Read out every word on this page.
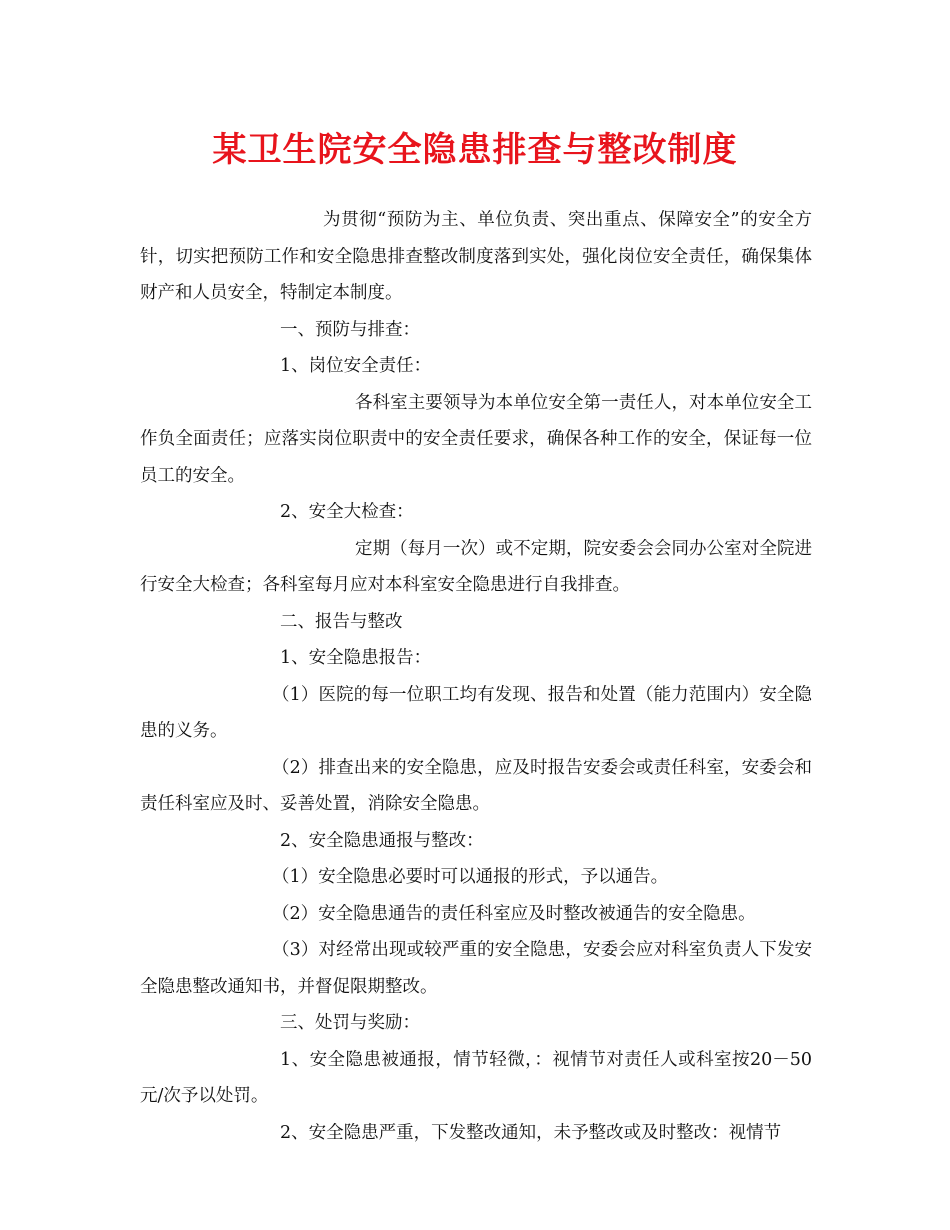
某卫生院安全隐患排查与整改制度

为贯彻“预防为主、单位负责、突出重点、保障安全”的安全方针，切实把预防工作和安全隐患排查整改制度落到实处，强化岗位安全责任，确保集体财产和人员安全，特制定本制度。

一、预防与排查：

1、岗位安全责任：

各科室主要领导为本单位安全第一责任人，对本单位安全工作负全面责任；应落实岗位职责中的安全责任要求，确保各种工作的安全，保证每一位员工的安全。

2、安全大检查：

定期（每月一次）或不定期，院安委会会同办公室对全院进行安全大检查；各科室每月应对本科室安全隐患进行自我排查。

二、报告与整改

1、安全隐患报告：

（1）医院的每一位职工均有发现、报告和处置（能力范围内）安全隐患的义务。

（2）排查出来的安全隐患，应及时报告安委会或责任科室，安委会和责任科室应及时、妥善处置，消除安全隐患。

2、安全隐患通报与整改：

（1）安全隐患必要时可以通报的形式，予以通告。

（2）安全隐患通告的责任科室应及时整改被通告的安全隐患。

（3）对经常出现或较严重的安全隐患，安委会应对科室负责人下发安全隐患整改通知书，并督促限期整改。

三、处罚与奖励：

1、安全隐患被通报，情节轻微，：视情节对责任人或科室按20－50元/次予以处罚。

2、安全隐患严重，下发整改通知，未予整改或及时整改：视情节
